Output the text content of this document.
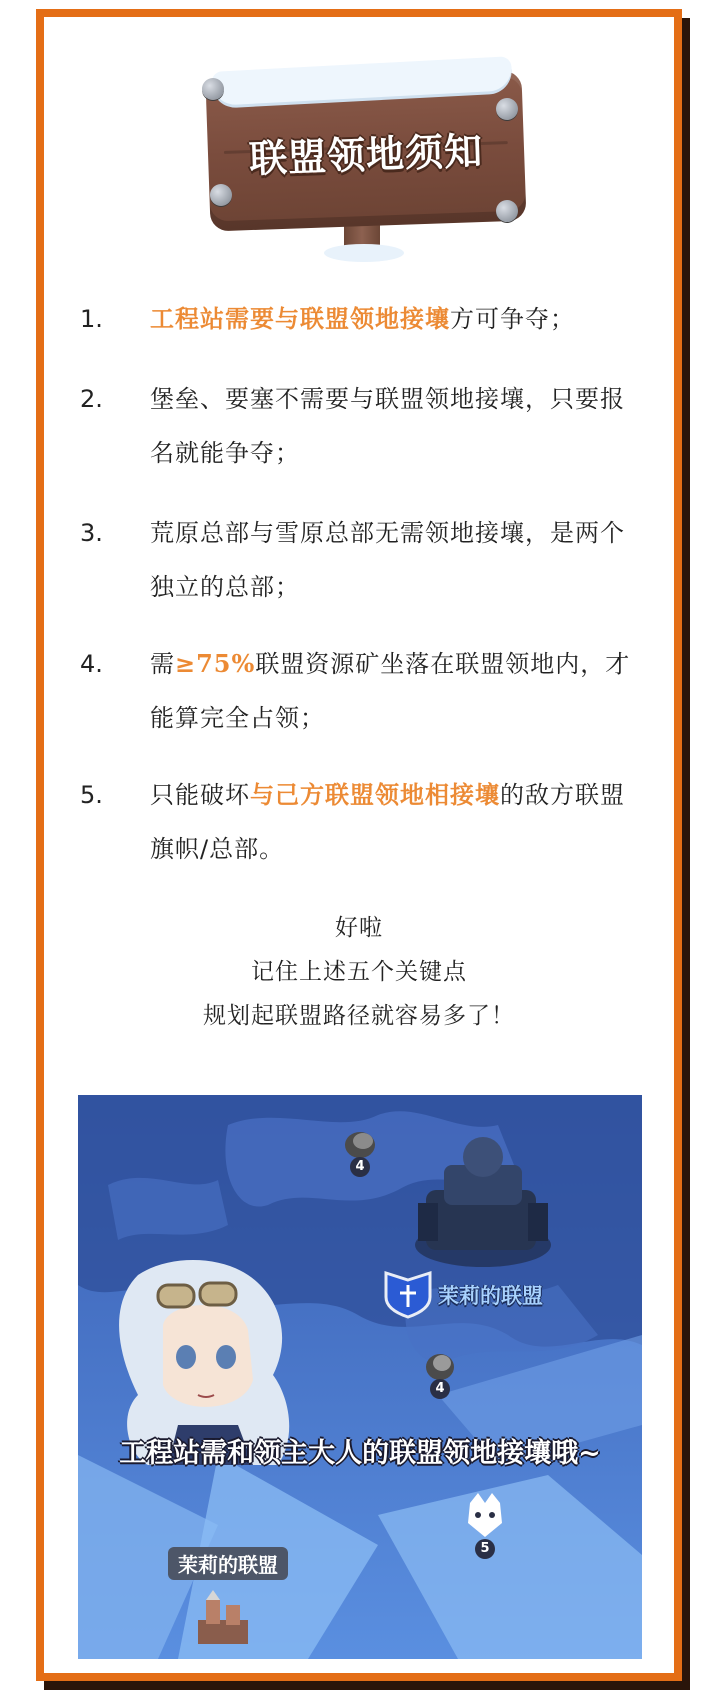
联盟领地须知
1.	工程站需要与联盟领地接壤方可争夺；
2.	堡垒、要塞不需要与联盟领地接壤，只要报名就能争夺；
3.	荒原总部与雪原总部无需领地接壤，是两个独立的总部；
4.	需≥75%联盟资源矿坐落在联盟领地内，才能算完全占领；
5.	只能破坏与己方联盟领地相接壤的敌方联盟旗帜/总部。
好啦
记住上述五个关键点
规划起联盟路径就容易多了！
4
4
5
茉莉的联盟
茉莉的联盟
工程站需和领主大人的联盟领地接壤哦~
